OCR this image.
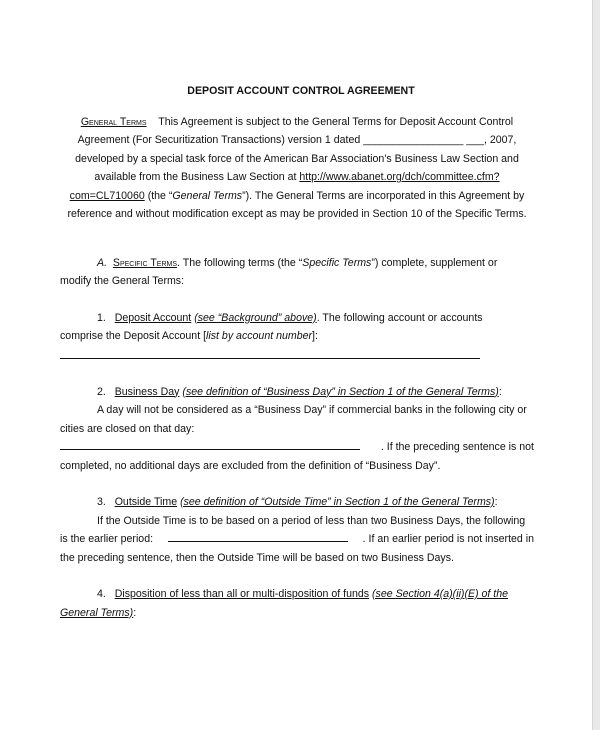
DEPOSIT ACCOUNT CONTROL AGREEMENT

General Terms This Agreement is subject to the General Terms for Deposit Account Control

Agreement (For Securitization Transactions) version 1 dated _________________ ___, 2007,

developed by a special task force of the American Bar Association's Business Law Section and

available from the Business Law Section at http://www.abanet.org/dch/committee.cfm?

com=CL710060 (the “General Terms”). The General Terms are incorporated in this Agreement by

reference and without modification except as may be provided in Section 10 of the Specific Terms.

A. Specific Terms. The following terms (the “Specific Terms”) complete, supplement or

modify the General Terms:

1. Deposit Account (see “Background” above). The following account or accounts

comprise the Deposit Account [list by account number]:

2. Business Day (see definition of “Business Day” in Section 1 of the General Terms):

A day will not be considered as a “Business Day” if commercial banks in the following city or

cities are closed on that day:

. If the preceding sentence is not

completed, no additional days are excluded from the definition of “Business Day”.

3. Outside Time (see definition of “Outside Time” in Section 1 of the General Terms):

If the Outside Time is to be based on a period of less than two Business Days, the following

is the earlier period:	. If an earlier period is not inserted in

the preceding sentence, then the Outside Time will be based on two Business Days.

4. Disposition of less than all or multi-disposition of funds (see Section 4(a)(ii)(E) of the

General Terms):
